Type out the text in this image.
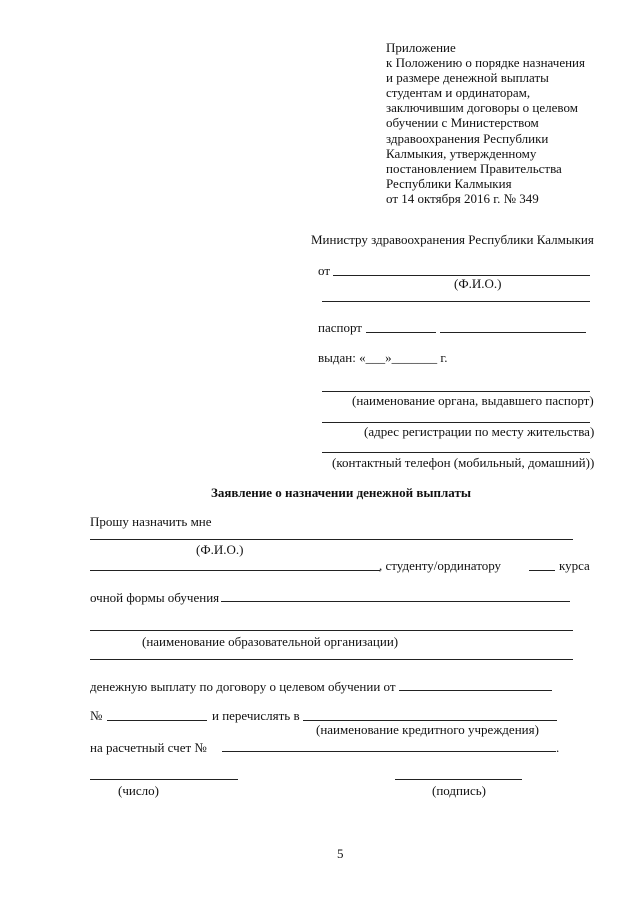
Приложение
к Положению о порядке назначения
и размере денежной выплаты
студентам и ординаторам,
заключившим договоры о целевом
обучении с Министерством
здравоохранения Республики
Калмыкия, утвержденному
постановлением Правительства
Республики Калмыкия
от 14 октября 2016 г. № 349
Министру здравоохранения Республики Калмыкия
от
(Ф.И.О.)
паспорт
выдан: «___»_______ г.
(наименование органа, выдавшего паспорт)
(адрес регистрации по месту жительства)
(контактный телефон (мобильный, домашний))
Заявление о назначении денежной выплаты
Прошу назначить мне
(Ф.И.О.)
, студенту/ординатору	курса
очной формы обучения
(наименование образовательной организации)
денежную выплату по договору о целевом обучении от
№	и перечислять в
(наименование кредитного учреждения)
на расчетный счет №	.
(число)	(подпись)
5
